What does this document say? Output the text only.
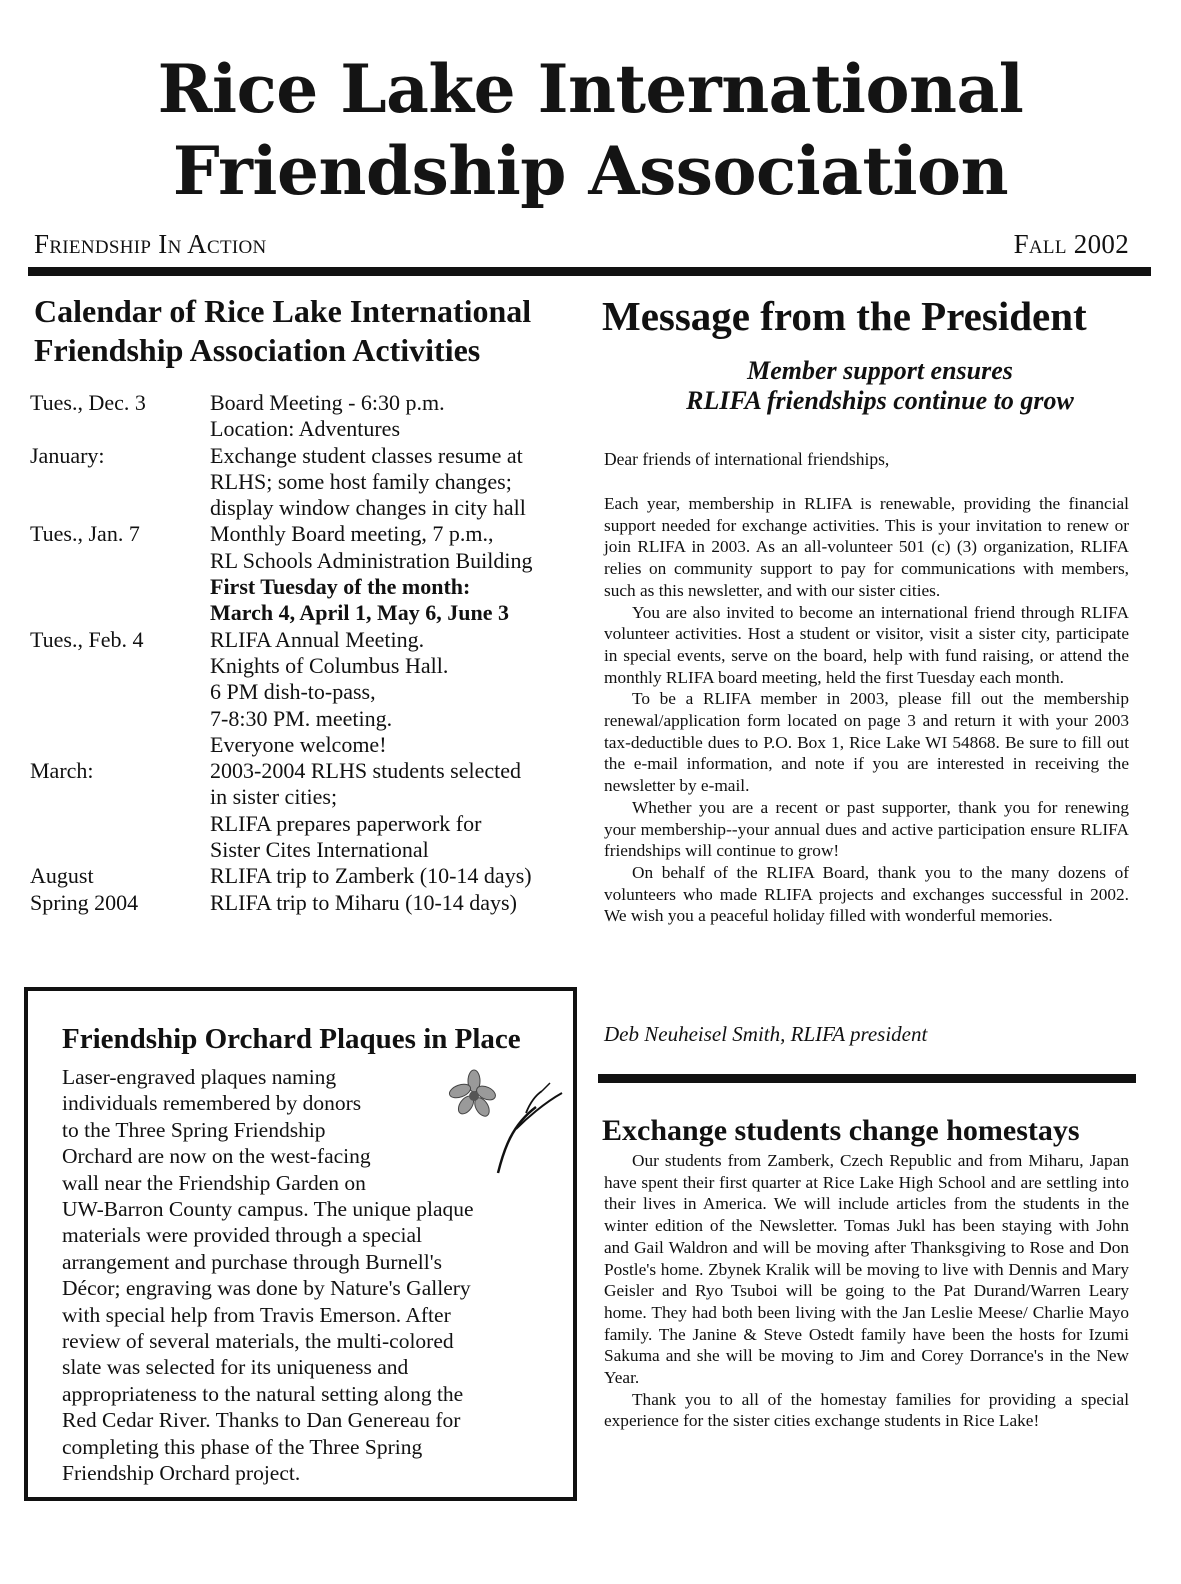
Rice Lake International
Friendship Association
Friendship In Action	Fall 2002
Calendar of Rice Lake International
Friendship Association Activities
Tues., Dec. 3	Board Meeting - 6:30 p.m.
Location: Adventures
January:	Exchange student classes resume at
RLHS; some host family changes;
display window changes in city hall
Tues., Jan. 7	Monthly Board meeting, 7 p.m.,
RL Schools Administration Building
First Tuesday of the month:
March 4, April 1, May 6, June 3
Tues., Feb. 4	RLIFA Annual Meeting.
Knights of Columbus Hall.
6 PM dish-to-pass,
7-8:30 PM. meeting.
Everyone welcome!
March:	2003-2004 RLHS students selected
in sister cities;
RLIFA prepares paperwork for
Sister Cites International
August	RLIFA trip to Zamberk (10-14 days)
Spring 2004	RLIFA trip to Miharu (10-14 days)
Friendship Orchard Plaques in Place
Laser-engraved plaques naming
individuals remembered by donors
to the Three Spring Friendship
Orchard are now on the west-facing
wall near the Friendship Garden on
UW-Barron County campus. The unique plaque
materials were provided through a special
arrangement and purchase through Burnell's
Décor; engraving was done by Nature's Gallery
with special help from Travis Emerson. After
review of several materials, the multi-colored
slate was selected for its uniqueness and
appropriateness to the natural setting along the
Red Cedar River. Thanks to Dan Genereau for
completing this phase of the Three Spring
Friendship Orchard project.
Message from the President
Member support ensures
RLIFA friendships continue to grow
Dear friends of international friendships,

Each year, membership in RLIFA is renewable, providing the financial support needed for exchange activities. This is your invitation to renew or join RLIFA in 2003. As an all-volunteer 501 (c) (3) organization, RLIFA relies on community support to pay for communications with members, such as this newsletter, and with our sister cities.

You are also invited to become an international friend through RLIFA volunteer activities. Host a student or visitor, visit a sister city, participate in special events, serve on the board, help with fund raising, or attend the monthly RLIFA board meeting, held the first Tuesday each month.

To be a RLIFA member in 2003, please fill out the membership renewal/application form located on page 3 and return it with your 2003 tax-deductible dues to P.O. Box 1, Rice Lake WI 54868. Be sure to fill out the e-mail information, and note if you are interested in receiving the newsletter by e-mail.

Whether you are a recent or past supporter, thank you for renewing your membership--your annual dues and active participation ensure RLIFA friendships will continue to grow!

On behalf of the RLIFA Board, thank you to the many dozens of volunteers who made RLIFA projects and exchanges successful in 2002. We wish you a peaceful holiday filled with wonderful memories.

Deb Neuheisel Smith, RLIFA president
Exchange students change homestays

Our students from Zamberk, Czech Republic and from Miharu, Japan have spent their first quarter at Rice Lake High School and are settling into their lives in America. We will include articles from the students in the winter edition of the Newsletter. Tomas Jukl has been staying with John and Gail Waldron and will be moving after Thanksgiving to Rose and Don Postle's home. Zbynek Kralik will be moving to live with Dennis and Mary Geisler and Ryo Tsuboi will be going to the Pat Durand/Warren Leary home. They had both been living with the Jan Leslie Meese/ Charlie Mayo family. The Janine & Steve Ostedt family have been the hosts for Izumi Sakuma and she will be moving to Jim and Corey Dorrance's in the New Year.

Thank you to all of the homestay families for providing a special experience for the sister cities exchange students in Rice Lake!
